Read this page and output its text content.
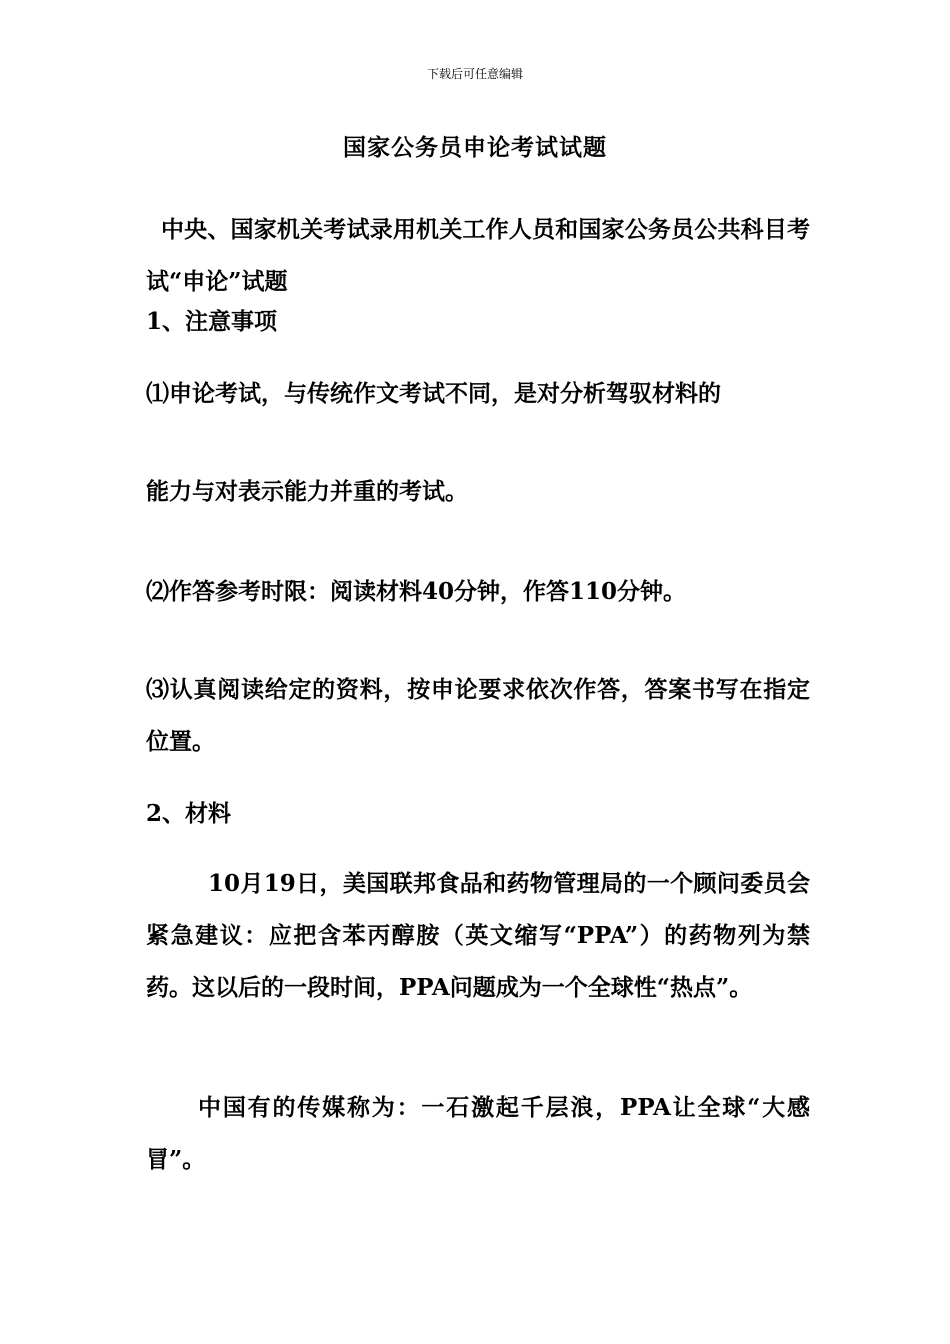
下载后可任意编辑
国家公务员申论考试试题

中央、国家机关考试录用机关工作人员和国家公务员公共科目考试“申论”试题

1、注意事项

⑴申论考试，与传统作文考试不同，是对分析驾驭材料的

能力与对表示能力并重的考试。

⑵作答参考时限：阅读材料40分钟，作答110分钟。

⑶认真阅读给定的资料，按申论要求依次作答，答案书写在指定位置。

2、材料

10月19日，美国联邦食品和药物管理局的一个顾问委员会紧急建议：应把含苯丙醇胺（英文缩写“PPA”）的药物列为禁药。这以后的一段时间，PPA问题成为一个全球性“热点”。

中国有的传媒称为：一石激起千层浪，PPA让全球“大感冒”。
